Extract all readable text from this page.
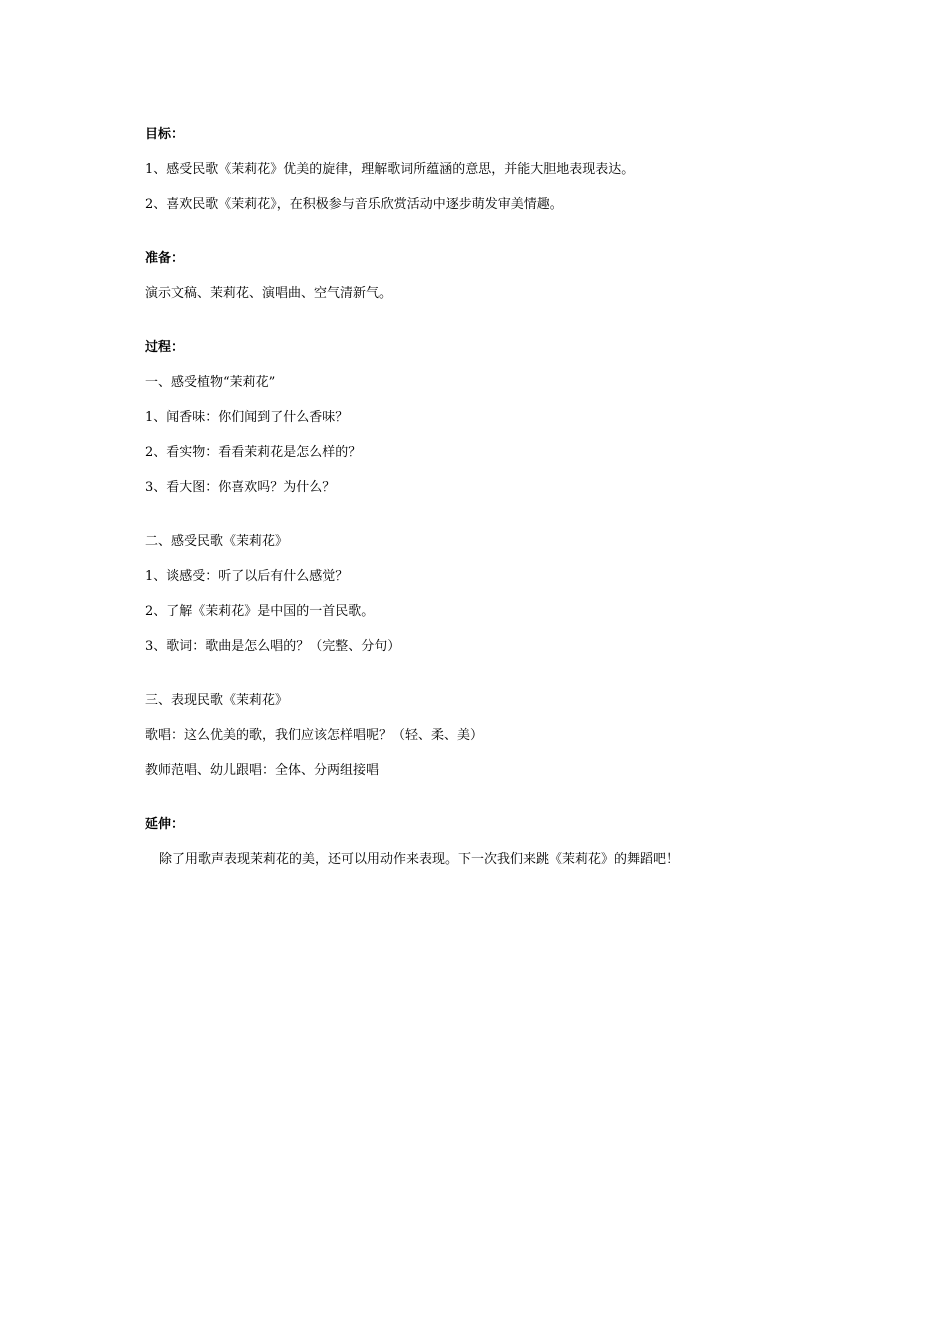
目标：
1、感受民歌《茉莉花》优美的旋律，理解歌词所蕴涵的意思，并能大胆地表现表达。
2、喜欢民歌《茉莉花》，在积极参与音乐欣赏活动中逐步萌发审美情趣。
准备：
演示文稿、茉莉花、演唱曲、空气清新气。
过程：
一、感受植物“茉莉花”
1、闻香味：你们闻到了什么香味？
2、看实物：看看茉莉花是怎么样的？
3、看大图：你喜欢吗？为什么？
二、感受民歌《茉莉花》
1、谈感受：听了以后有什么感觉？
2、了解《茉莉花》是中国的一首民歌。
3、歌词：歌曲是怎么唱的？（完整、分句）
三、表现民歌《茉莉花》
歌唱：这么优美的歌，我们应该怎样唱呢？（轻、柔、美）
教师范唱、幼儿跟唱：全体、分两组接唱
延伸：
除了用歌声表现茉莉花的美，还可以用动作来表现。下一次我们来跳《茉莉花》的舞蹈吧！
